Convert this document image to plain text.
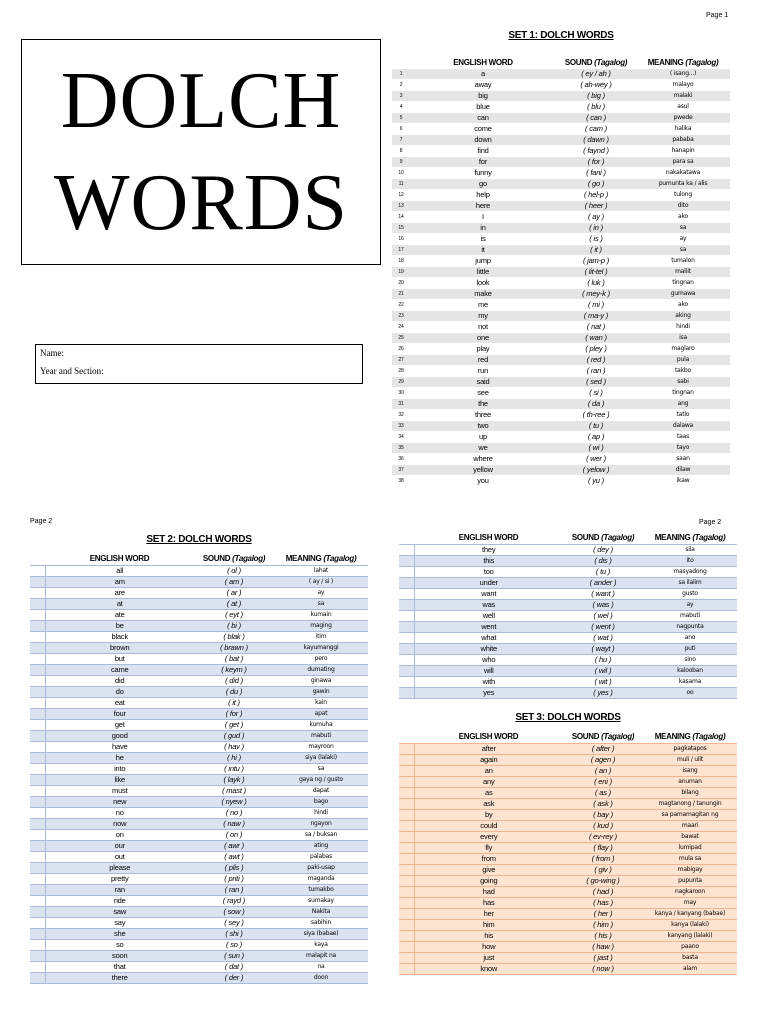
Page 1
Page 2	Page 2
DOLCH
WORDS
Name:
Year and Section:
SET 1: DOLCH WORDS
	ENGLISH WORD	SOUND (Tagalog)	MEANING (Tagalog)
1	a	( ey / ah )	( isang...)
2	away	( ah-wey )	malayo
3	big	( big )	malaki
4	blue	( blu )	asul
5	can	( can )	pwede
6	come	( cam )	halika
7	down	( dawn )	pababa
8	find	( faynd )	hanapin
9	for	( for )	para sa
10	funny	( fani )	nakakatawa
11	go	( go )	pumunta ka / alis
12	help	( hel-p )	tulong
13	here	( heer )	dito
14	I	( ay )	ako
15	in	( in )	sa
16	is	( is )	ay
17	it	( it )	sa
18	jump	( jam-p )	tumalon
19	little	( lit-tel )	maliit
20	look	( luk )	tingnan
21	make	( mey-k )	gumawa
22	me	( mi )	ako
23	my	( ma-y )	aking
24	not	( nat )	hindi
25	one	( wan )	isa
26	play	( pley )	maglaro
27	red	( red )	pula
28	run	( ran )	takbo
29	said	( sed )	sabi
30	see	( si )	tingnan
31	the	( da )	ang
32	three	( th-ree )	tatlo
33	two	( tu )	dalawa
34	up	( ap )	taas
35	we	( wi )	tayo
36	where	( wer )	saan
37	yellow	( yelow )	dilaw
38	you	( yu )	ikaw
SET 2: DOLCH WORDS
	ENGLISH WORD	SOUND (Tagalog)	MEANING (Tagalog)
	all	( ol )	lahat
	am	( am )	( ay / si )
	are	( ar )	ay
	at	( at )	sa
	ate	( eyt )	kumain
	be	( bi )	maging
	black	( blak )	itim
	brown	( brawn )	kayumanggi
	but	( bat )	pero
	came	( keym )	dumating
	did	( did )	ginawa
	do	( du )	gawin
	eat	( it )	kain
	four	( for )	apat
	get	( get )	kumuha
	good	( gud )	mabuti
	have	( hav )	mayroon
	he	( hi )	siya (lalaki)
	into	( intu )	sa
	like	( layk )	gaya ng / gusto
	must	( mast )	dapat
	new	( nyew )	bago
	no	( no )	hindi
	now	( naw )	ngayon
	on	( on )	sa / buksan
	our	( awr )	ating
	out	( awt )	palabas
	please	( plis )	paki-usap
	pretty	( priti )	maganda
	ran	( ran )	tumakbo
	ride	( rayd )	sumakay
	saw	( sow )	Nakita
	say	( sey )	sabihin
	she	( shi )	siya (babae)
	so	( so )	kaya
	soon	( sun )	malapit na
	that	( dat )	na
	there	( der )	doon
	ENGLISH WORD	SOUND (Tagalog)	MEANING (Tagalog)
	they	( dey )	sila
	this	( dis )	ito
	too	( tu )	masyadong
	under	( ander )	sa ilalim
	want	( want )	gusto
	was	( was )	ay
	well	( wel )	mabuti
	went	( went )	nagpunta
	what	( wat )	ano
	white	( wayt )	puti
	who	( hu )	sino
	will	( wil )	kalooban
	with	( wit )	kasama
	yes	( yes )	oo
SET 3: DOLCH WORDS
	ENGLISH WORD	SOUND (Tagalog)	MEANING (Tagalog)
	after	( after )	pagkatapos
	again	( agen )	muli / ulit
	an	( an )	isang
	any	( eni )	anuman
	as	( as )	bilang
	ask	( ask )	magtanong / tanungin
	by	( bay )	sa pamamagitan ng
	could	( kud )	maari
	every	( ev-rey )	bawat
	fly	( flay )	lumipad
	from	( from )	mula sa
	give	( giv )	mabigay
	going	( go-wing )	pupunta
	had	( had )	nagkaroon
	has	( has )	may
	her	( her )	kanya / kanyang (babae)
	him	( him )	kanya (lalaki)
	his	( his )	kanyang (lalaki)
	how	( haw )	paano
	just	( jast )	basta
	know	( now )	alam
